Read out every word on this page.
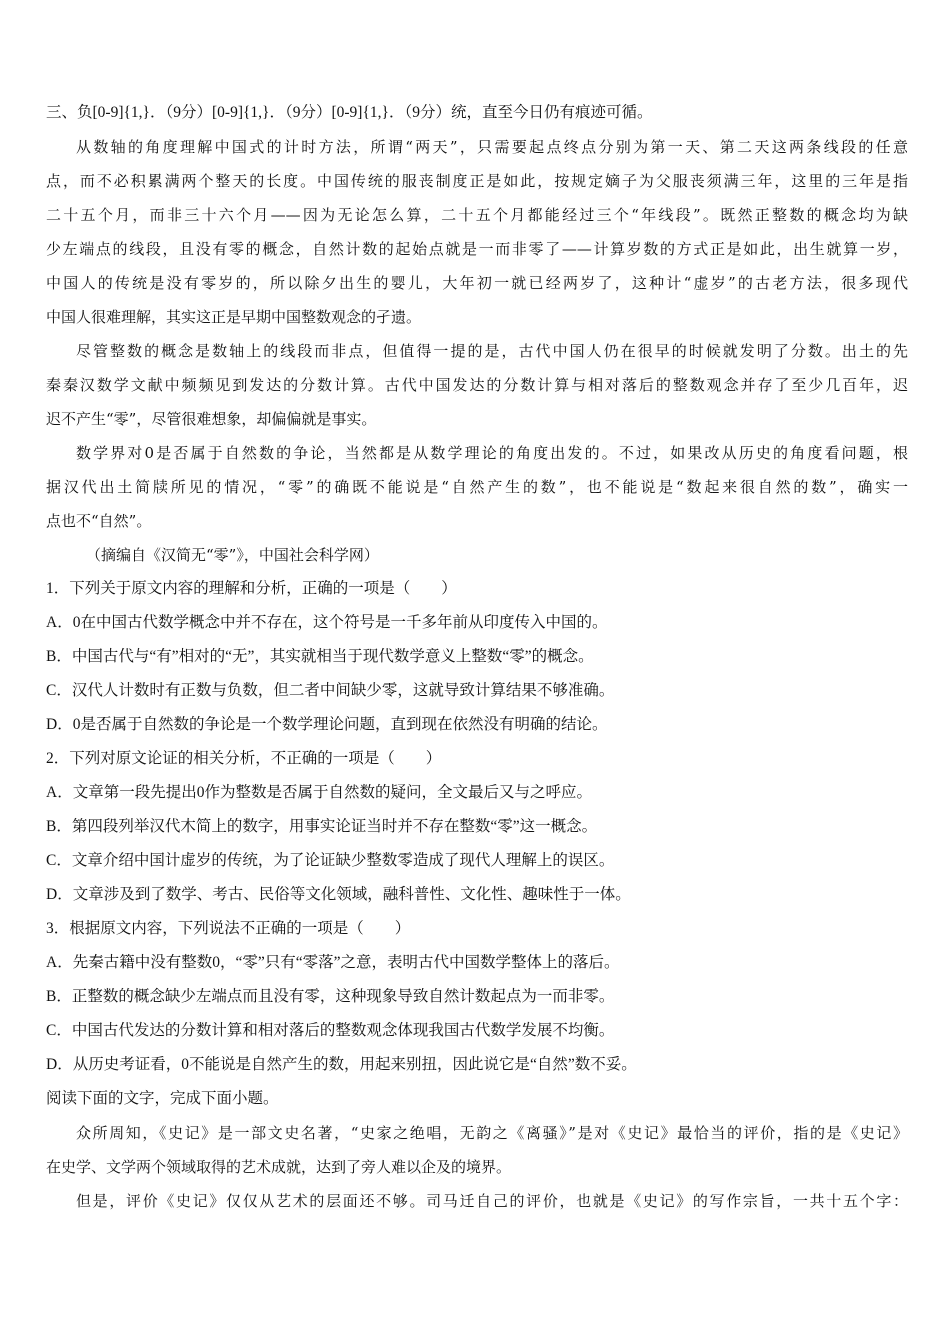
三、负[0-9]{1,}．（9分）[0-9]{1,}．（9分）[0-9]{1,}．（9分）统，直至今日仍有痕迹可循。
从数轴的角度理解中国式的计时方法，所谓“两天”，只需要起点终点分别为第一天、第二天这两条线段的任意
点，而不必积累满两个整天的长度。中国传统的服丧制度正是如此，按规定嫡子为父服丧须满三年，这里的三年是指
二十五个月，而非三十六个月——因为无论怎么算，二十五个月都能经过三个“年线段”。既然正整数的概念均为缺
少左端点的线段，且没有零的概念，自然计数的起始点就是一而非零了——计算岁数的方式正是如此，出生就算一岁，
中国人的传统是没有零岁的，所以除夕出生的婴儿，大年初一就已经两岁了，这种计“虚岁”的古老方法，很多现代
中国人很难理解，其实这正是早期中国整数观念的孑遗。
尽管整数的概念是数轴上的线段而非点，但值得一提的是，古代中国人仍在很早的时候就发明了分数。出土的先
秦秦汉数学文献中频频见到发达的分数计算。古代中国发达的分数计算与相对落后的整数观念并存了至少几百年，迟
迟不产生“零”，尽管很难想象，却偏偏就是事实。
数学界对0是否属于自然数的争论，当然都是从数学理论的角度出发的。不过，如果改从历史的角度看问题，根
据汉代出土简牍所见的情况，“零”的确既不能说是“自然产生的数”，也不能说是“数起来很自然的数”，确实一
点也不“自然”。
（摘编自《汉简无“零”》，中国社会科学网）
1．下列关于原文内容的理解和分析，正确的一项是（　　）
A．0在中国古代数学概念中并不存在，这个符号是一千多年前从印度传入中国的。
B．中国古代与“有”相对的“无”，其实就相当于现代数学意义上整数“零”的概念。
C．汉代人计数时有正数与负数，但二者中间缺少零，这就导致计算结果不够准确。
D．0是否属于自然数的争论是一个数学理论问题，直到现在依然没有明确的结论。
2．下列对原文论证的相关分析，不正确的一项是（　　）
A．文章第一段先提出0作为整数是否属于自然数的疑问，全文最后又与之呼应。
B．第四段列举汉代木简上的数字，用事实论证当时并不存在整数“零”这一概念。
C．文章介绍中国计虚岁的传统，为了论证缺少整数零造成了现代人理解上的误区。
D．文章涉及到了数学、考古、民俗等文化领域，融科普性、文化性、趣味性于一体。
3．根据原文内容，下列说法不正确的一项是（　　）
A．先秦古籍中没有整数0，“零”只有“零落”之意，表明古代中国数学整体上的落后。
B．正整数的概念缺少左端点而且没有零，这种现象导致自然计数起点为一而非零。
C．中国古代发达的分数计算和相对落后的整数观念体现我国古代数学发展不均衡。
D．从历史考证看，0不能说是自然产生的数，用起来别扭，因此说它是“自然”数不妥。
阅读下面的文字，完成下面小题。
众所周知，《史记》是一部文史名著，“史家之绝唱，无韵之《离骚》”是对《史记》最恰当的评价，指的是《史记》
在史学、文学两个领域取得的艺术成就，达到了旁人难以企及的境界。
但是，评价《史记》仅仅从艺术的层面还不够。司马迁自己的评价，也就是《史记》的写作宗旨，一共十五个字：
